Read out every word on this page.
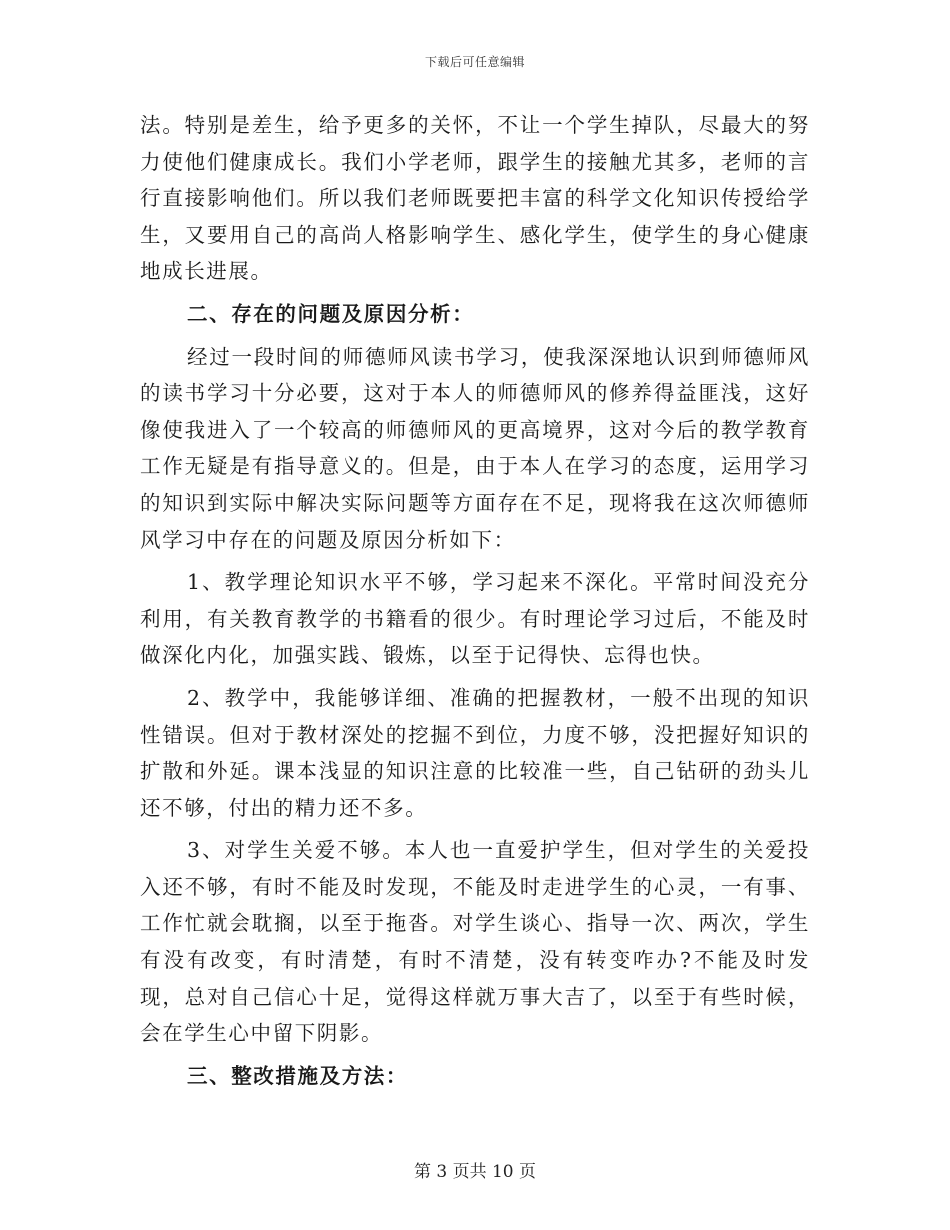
下载后可任意编辑

法。特别是差生，给予更多的关怀，不让一个学生掉队，尽最大的努力使他们健康成长。我们小学老师，跟学生的接触尤其多，老师的言行直接影响他们。所以我们老师既要把丰富的科学文化知识传授给学生，又要用自己的高尚人格影响学生、感化学生，使学生的身心健康地成长进展。

二、存在的问题及原因分析：

经过一段时间的师德师风读书学习，使我深深地认识到师德师风的读书学习十分必要，这对于本人的师德师风的修养得益匪浅，这好像使我进入了一个较高的师德师风的更高境界，这对今后的教学教育工作无疑是有指导意义的。但是，由于本人在学习的态度，运用学习的知识到实际中解决实际问题等方面存在不足，现将我在这次师德师风学习中存在的问题及原因分析如下：

1、教学理论知识水平不够，学习起来不深化。平常时间没充分利用，有关教育教学的书籍看的很少。有时理论学习过后，不能及时做深化内化，加强实践、锻炼，以至于记得快、忘得也快。

2、教学中，我能够详细、准确的把握教材，一般不出现的知识性错误。但对于教材深处的挖掘不到位，力度不够，没把握好知识的扩散和外延。课本浅显的知识注意的比较准一些，自己钻研的劲头儿还不够，付出的精力还不多。

3、对学生关爱不够。本人也一直爱护学生，但对学生的关爱投入还不够，有时不能及时发现，不能及时走进学生的心灵，一有事、工作忙就会耽搁，以至于拖沓。对学生谈心、指导一次、两次，学生有没有改变，有时清楚，有时不清楚，没有转变咋办?不能及时发现，总对自己信心十足，觉得这样就万事大吉了，以至于有些时候，会在学生心中留下阴影。

三、整改措施及方法：

第 3 页共 10 页
